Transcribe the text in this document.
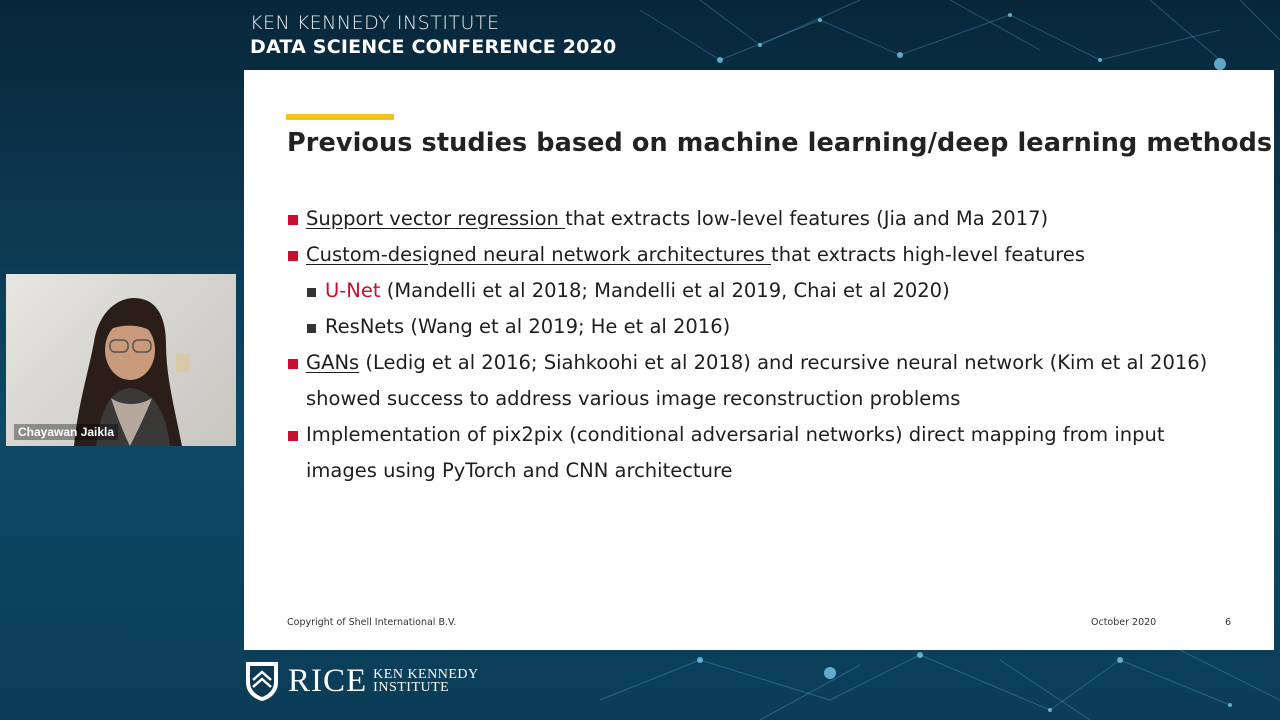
KEN KENNEDY INSTITUTE
DATA SCIENCE CONFERENCE 2020
Chayawan Jaikla
Previous studies based on machine learning/deep learning methods
Support vector regression that extracts low-level features (Jia and Ma 2017)
Custom-designed neural network architectures that extracts high-level features
U-Net (Mandelli et al 2018; Mandelli et al 2019, Chai et al 2020)
ResNets (Wang et al 2019; He et al 2016)
GANs (Ledig et al 2016; Siahkoohi et al 2018) and recursive neural network (Kim et al 2016)
showed success to address various image reconstruction problems
Implementation of pix2pix (conditional adversarial networks) direct mapping from input
images using PyTorch and CNN architecture
Copyright of Shell International B.V.	October 2020	6
RICE KEN KENNEDY
INSTITUTE
